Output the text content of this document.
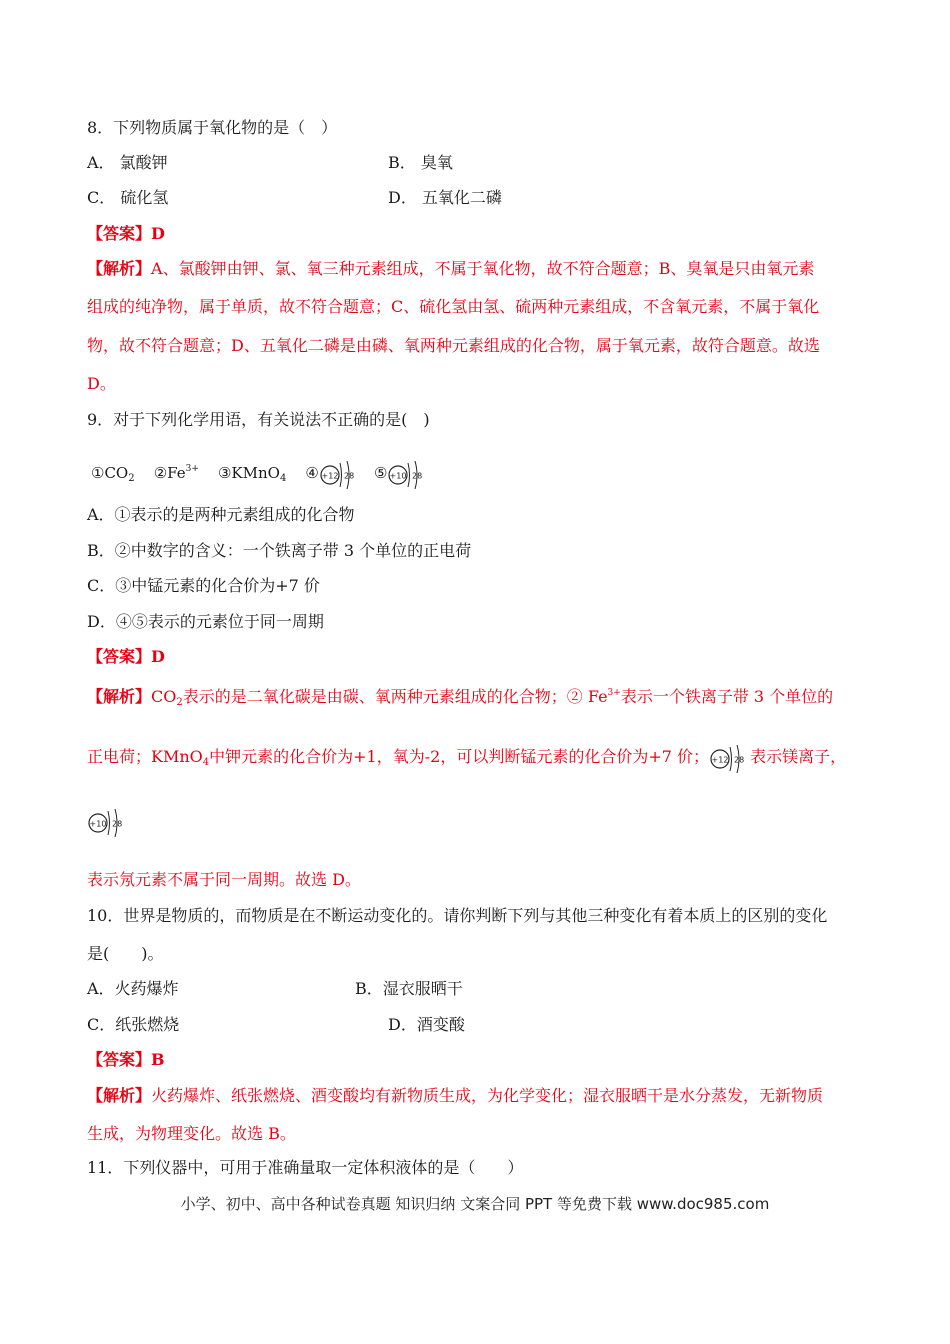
8．下列物质属于氧化物的是（　）
A． 氯酸钾	B． 臭氧
C． 硫化氢	D． 五氧化二磷
【答案】D
【解析】A、氯酸钾由钾、氯、氧三种元素组成，不属于氧化物，故不符合题意；B、臭氧是只由氧元素
组成的纯净物，属于单质，故不符合题意；C、硫化氢由氢、硫两种元素组成，不含氧元素，不属于氧化
物，故不符合题意；D、五氧化二磷是由磷、氧两种元素组成的化合物，属于氧元素，故符合题意。故选
D。
9．对于下列化学用语，有关说法不正确的是(　)
$①CO_2$ $②Fe^{3+}$ ③KMnO$_4$ ④ +12 28 ⑤ +10 28
A．①表示的是两种元素组成的化合物
B．②中数字的含义：一个铁离子带 3 个单位的正电荷
C．③中锰元素的化合价为+7 价
D．④⑤表示的元素位于同一周期
【答案】D
【解析】$CO_2$表示的是二氧化碳是由碳、氧两种元素组成的化合物；② $Fe^{3+}$表示一个铁离子带 3 个单位的
正电荷；KMnO$_4$中钾元素的化合价为+1，氧为-2，可以判断锰元素的化合价为+7 价； +12 28 表示镁离子，
+10 28
表示氖元素不属于同一周期。故选 D。
10．世界是物质的，而物质是在不断运动变化的。请你判断下列与其他三种变化有着本质上的区别的变化
是(　　)。
A．火药爆炸	B．湿衣服晒干
C．纸张燃烧	D．酒变酸
【答案】B
【解析】火药爆炸、纸张燃烧、酒变酸均有新物质生成，为化学变化；湿衣服晒干是水分蒸发，无新物质
生成，为物理变化。故选 B。
11．下列仪器中，可用于准确量取一定体积液体的是（　　）
小学、初中、高中各种试卷真题 知识归纳 文案合同 PPT 等免费下载 www.doc985.com
